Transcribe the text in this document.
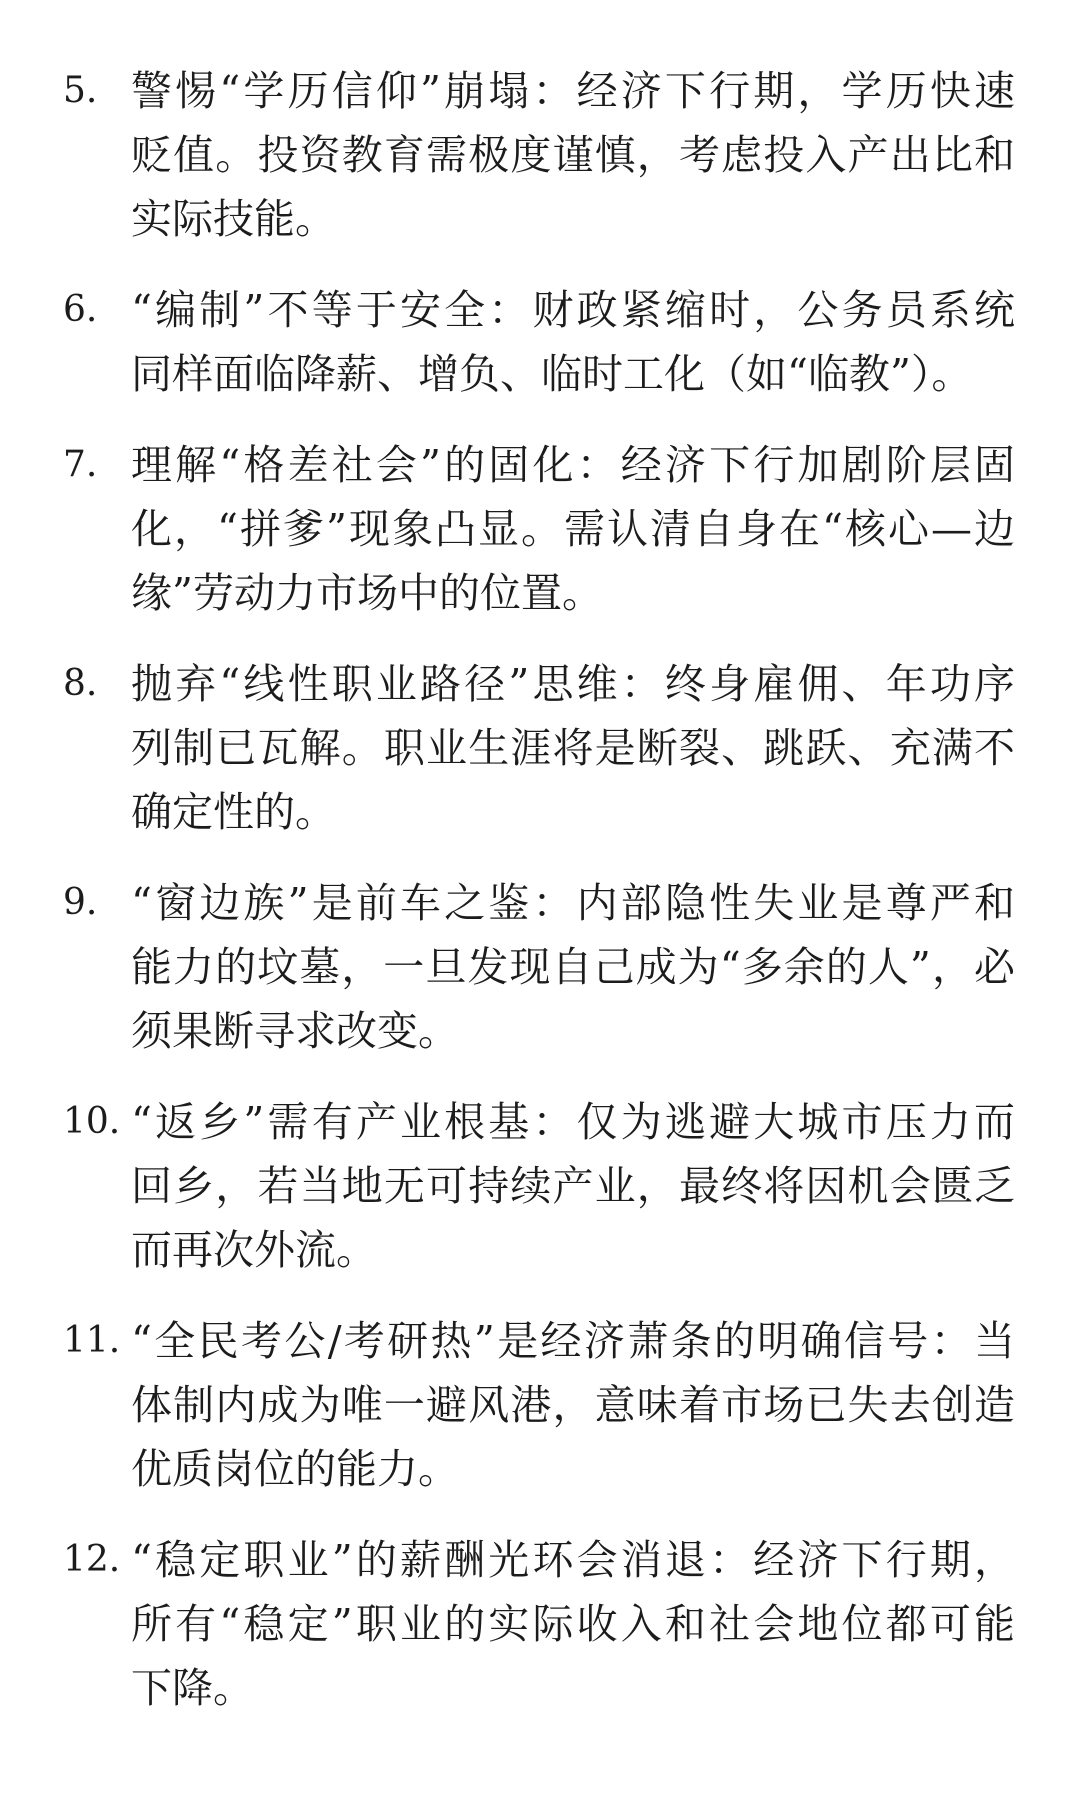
5. 警惕“学历信仰”崩塌：经济下行期，学历快速
贬值。投资教育需极度谨慎，考虑投入产出比和
实际技能。
6. “编制”不等于安全：财政紧缩时，公务员系统
同样面临降薪、增负、临时工化（如“临教”）。
7. 理解“格差社会”的固化：经济下行加剧阶层固
化，“拼爹”现象凸显。需认清自身在“核心—边
缘”劳动力市场中的位置。
8. 抛弃“线性职业路径”思维：终身雇佣、年功序
列制已瓦解。职业生涯将是断裂、跳跃、充满不
确定性的。
9. “窗边族”是前车之鉴：内部隐性失业是尊严和
能力的坟墓，一旦发现自己成为“多余的人”，必
须果断寻求改变。
10. “返乡”需有产业根基：仅为逃避大城市压力而
回乡，若当地无可持续产业，最终将因机会匮乏
而再次外流。
11. “全民考公/考研热”是经济萧条的明确信号：当
体制内成为唯一避风港，意味着市场已失去创造
优质岗位的能力。
12. “稳定职业”的薪酬光环会消退：经济下行期，
所有“稳定”职业的实际收入和社会地位都可能
下降。
